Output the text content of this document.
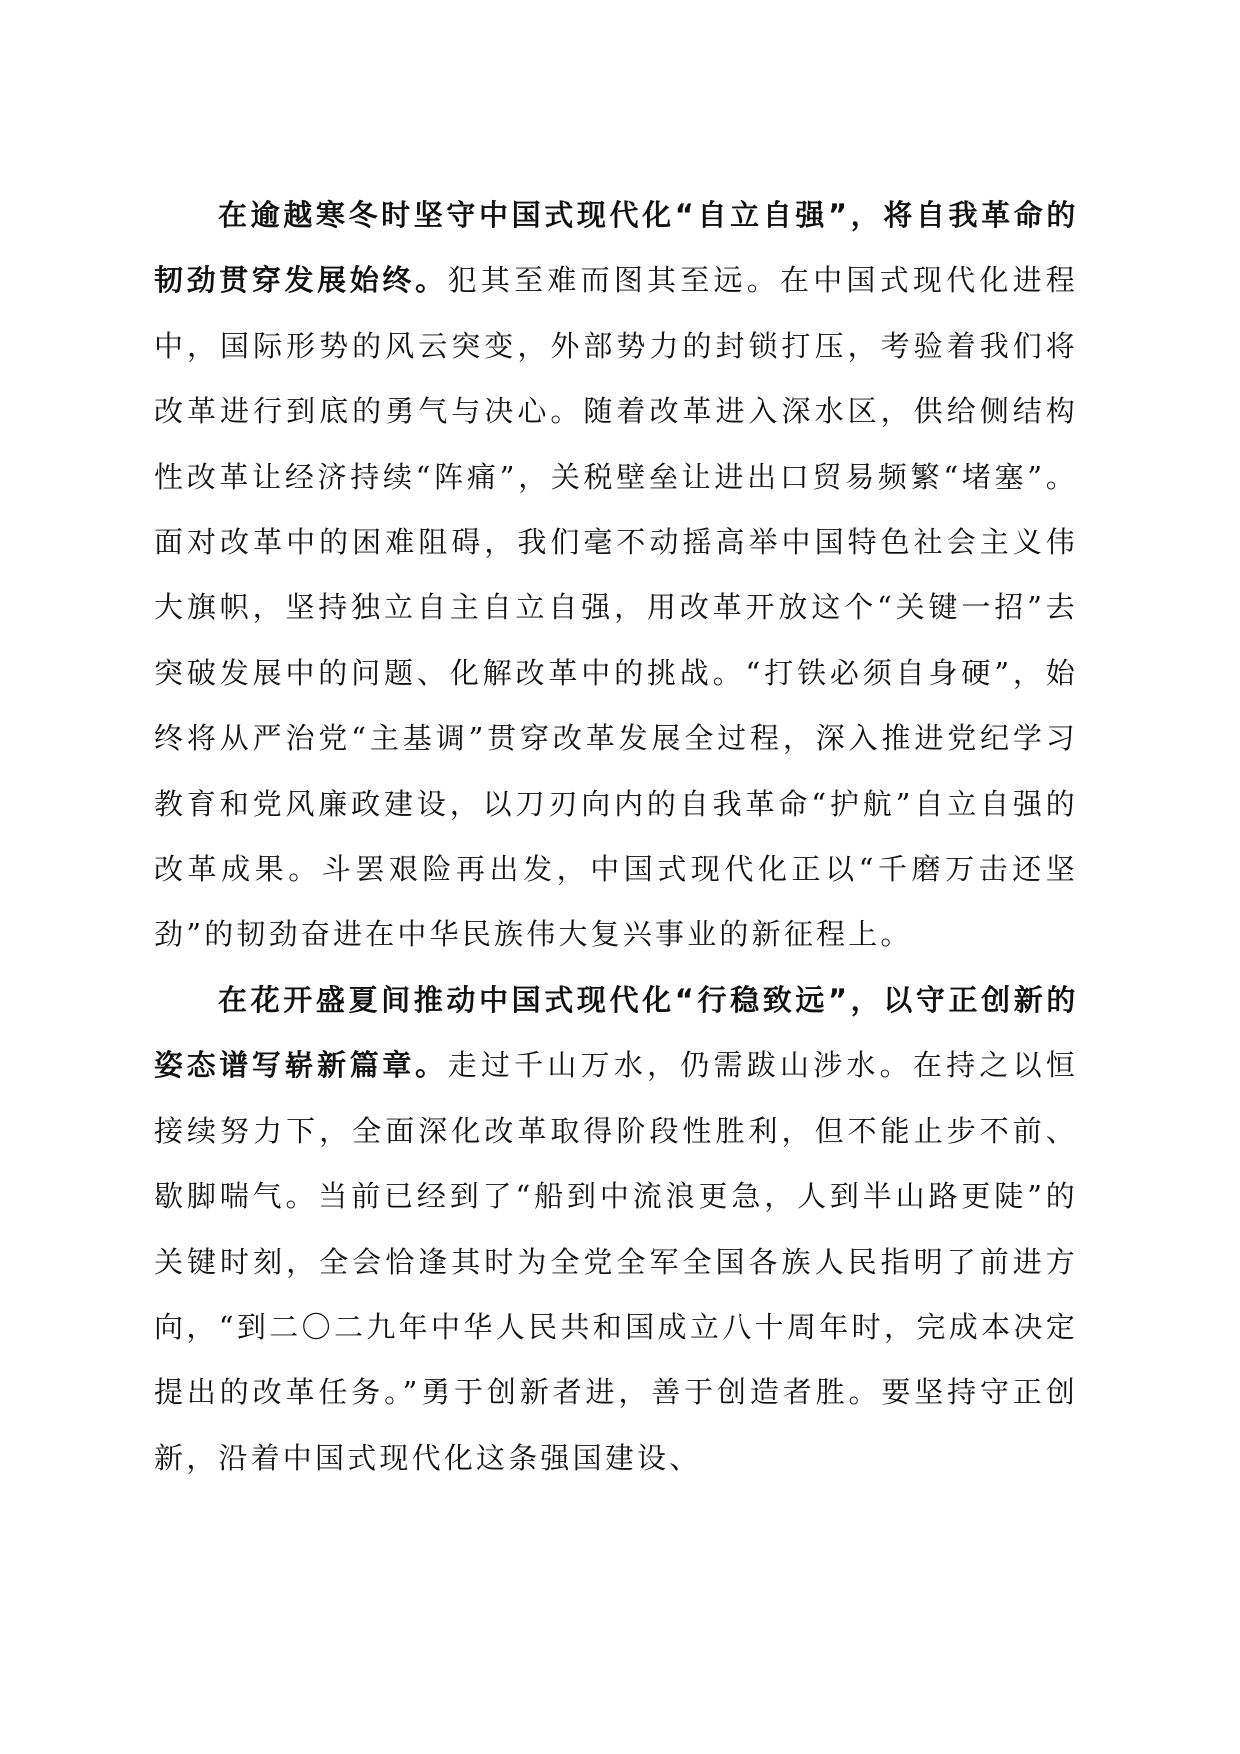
在逾越寒冬时坚守中国式现代化“自立自强”，将自我革命的韧劲贯穿发展始终。犯其至难而图其至远。在中国式现代化进程中，国际形势的风云突变，外部势力的封锁打压，考验着我们将改革进行到底的勇气与决心。随着改革进入深水区，供给侧结构性改革让经济持续“阵痛”，关税壁垒让进出口贸易频繁“堵塞”。面对改革中的困难阻碍，我们毫不动摇高举中国特色社会主义伟大旗帜，坚持独立自主自立自强，用改革开放这个“关键一招”去突破发展中的问题、化解改革中的挑战。“打铁必须自身硬”，始终将从严治党“主基调”贯穿改革发展全过程，深入推进党纪学习教育和党风廉政建设，以刀刃向内的自我革命“护航”自立自强的改革成果。斗罢艰险再出发，中国式现代化正以“千磨万击还坚劲”的韧劲奋进在中华民族伟大复兴事业的新征程上。

在花开盛夏间推动中国式现代化“行稳致远”，以守正创新的姿态谱写崭新篇章。走过千山万水，仍需跋山涉水。在持之以恒接续努力下，全面深化改革取得阶段性胜利，但不能止步不前、歇脚喘气。当前已经到了“船到中流浪更急，人到半山路更陡”的关键时刻，全会恰逢其时为全党全军全国各族人民指明了前进方向，“到二〇二九年中华人民共和国成立八十周年时，完成本决定提出的改革任务。”勇于创新者进，善于创造者胜。要坚持守正创新，沿着中国式现代化这条强国建设、
